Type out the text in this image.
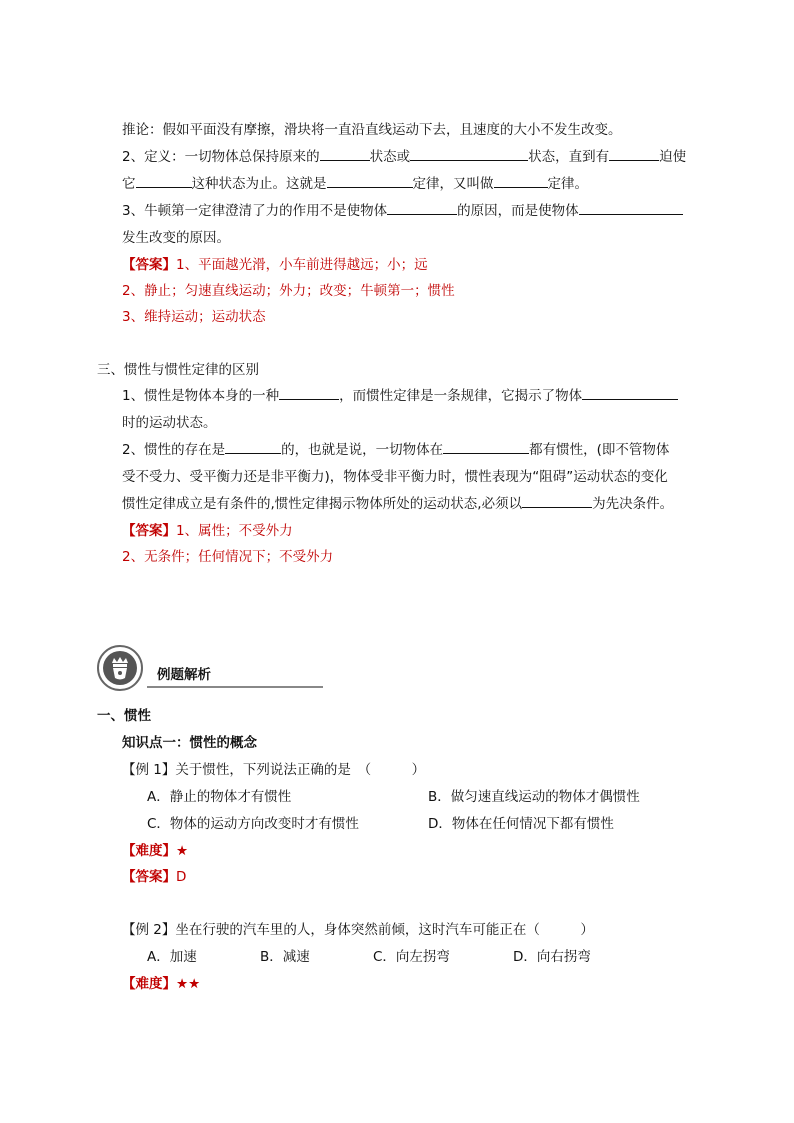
推论：假如平面没有摩擦，滑块将一直沿直线运动下去，且速度的大小不发生改变。
2、定义：一切物体总保持原来的	状态或	状态，直到有	迫使
它	这种状态为止。这就是	定律，又叫做	定律。
3、牛顿第一定律澄清了力的作用不是使物体	的原因，而是使物体
发生改变的原因。
【答案】1、平面越光滑，小车前进得越远；小；远
2、静止；匀速直线运动；外力；改变；牛顿第一；惯性
3、维持运动；运动状态
三、惯性与惯性定律的区别
1、惯性是物体本身的一种	，而惯性定律是一条规律，它揭示了物体
时的运动状态。
2、惯性的存在是	的，也就是说，一切物体在	都有惯性，(即不管物体
受不受力、受平衡力还是非平衡力)，物体受非平衡力时，惯性表现为“阻碍”运动状态的变化
惯性定律成立是有条件的,惯性定律揭示物体所处的运动状态,必须以	为先决条件。
【答案】1、属性；不受外力
2、无条件；任何情况下；不受外力
例题解析
一、惯性
知识点一：惯性的概念
【例 1】关于惯性，下列说法正确的是　（　　　）
A．静止的物体才有惯性	B．做匀速直线运动的物体才偶惯性
C．物体的运动方向改变时才有惯性	D．物体在任何情况下都有惯性
【难度】★
【答案】D
【例 2】坐在行驶的汽车里的人，身体突然前倾，这时汽车可能正在（　　　）
A．加速	B．减速	C．向左拐弯	D．向右拐弯
【难度】★★
